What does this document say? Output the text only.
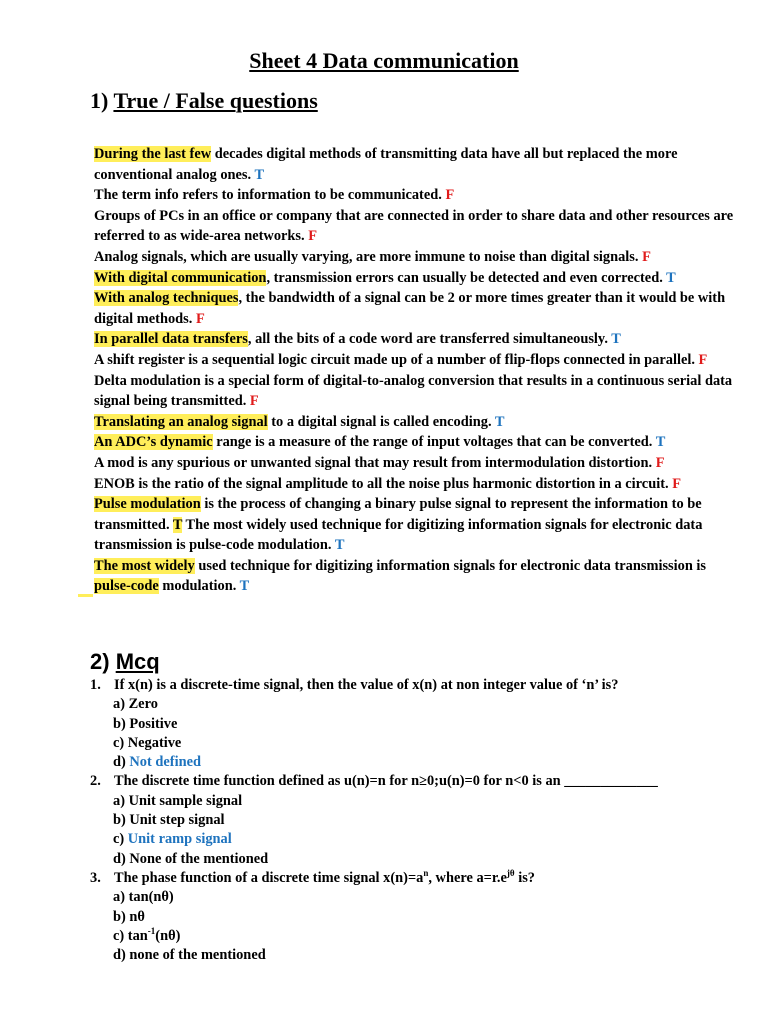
Sheet 4 Data communication
1) True / False questions

During the last few decades digital methods of transmitting data have all but replaced the more conventional analog ones. T

The term info refers to information to be communicated. F

Groups of PCs in an office or company that are connected in order to share data and other resources are referred to as wide-area networks. F

Analog signals, which are usually varying, are more immune to noise than digital signals. F

With digital communication, transmission errors can usually be detected and even corrected. T

With analog techniques, the bandwidth of a signal can be 2 or more times greater than it would be with digital methods. F

In parallel data transfers, all the bits of a code word are transferred simultaneously. T

A shift register is a sequential logic circuit made up of a number of flip-flops connected in parallel. F

Delta modulation is a special form of digital-to-analog conversion that results in a continuous serial data signal being transmitted. F

Translating an analog signal to a digital signal is called encoding. T

An ADC’s dynamic range is a measure of the range of input voltages that can be converted. T

A mod is any spurious or unwanted signal that may result from intermodulation distortion. F

ENOB is the ratio of the signal amplitude to all the noise plus harmonic distortion in a circuit. F

Pulse modulation is the process of changing a binary pulse signal to represent the information to be transmitted. T The most widely used technique for digitizing information signals for electronic data transmission is pulse-code modulation. T

The most widely used technique for digitizing information signals for electronic data transmission is pulse-code modulation. T

2) Mcq

1. If x(n) is a discrete-time signal, then the value of x(n) at non integer value of ‘n’ is?

a) Zero
b) Positive
c) Negative
d) Not defined

2. The discrete time function defined as u(n)=n for n≥0;u(n)=0 for n<0 is an _____________

a) Unit sample signal
b) Unit step signal
c) Unit ramp signal
d) None of the mentioned

3. The phase function of a discrete time signal $x(n)=a^n$, where $a=r.e^{j\theta}$ is?

a) tan(nθ)
b) nθ
c) $\tan^{-1}(n\theta)$
d) none of the mentioned
